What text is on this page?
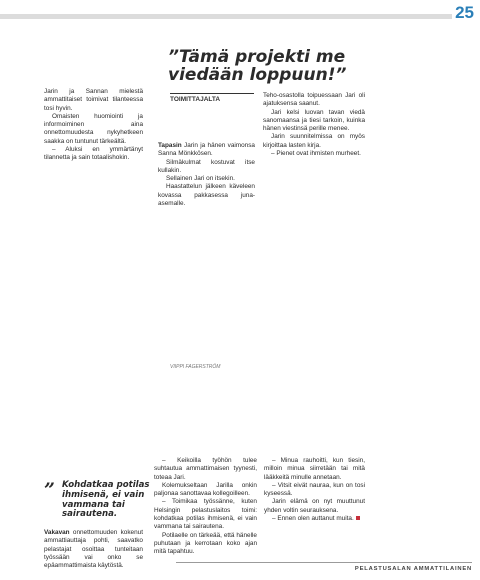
25

Jarin ja Sannan mielestä ammattitaiset toimivat tilanteessa tosi hyvin.

Omaisten huomiointi ja informoiminen aina onnettomuudesta nykyhetkeen saakka on tuntunut tärkeältä.

– Aluksi en ymmärtänyt tilannetta ja sain totaalishokin.

” Kohdatkaa potilas ihmisenä, ei vain vammana tai sairautena.

Vakavan onnettomuuden kokenut ammattiauttaja pohti, saavatko pelastajat osoittaa tunteitaan työssään vai onko se epäammattimaista käytöstä.

”Tämä projekti me viedään loppuun!”
TOIMITTAJALTA

Tapasin Jarin ja hänen vaimonsa Sanna Mönkkösen.

Silmäkulmat kostuvat itse kullakin.

Sellainen Jari on itsekin.

Haastattelun jälkeen käveleen kovassa pakkasessa juna-asemalle.

VIIPPI FAGERSTRÖM

Teho-osastolla toipuessaan Jari oli ajatuksensa saanut.

Jari kelsi luovan tavan viedä sanomaansa ja tiesi tarkoin, kuinka hänen viestinsä perille menee.

Jarin suunnitelmissa on myös kirjoittaa lasten kirja.

– Pienet ovat ihmisten murheet.

– Keikoilla työhön tulee suhtautua ammattimaisen tyynesti, toteaa Jari.

Kolemukseltaan Jarilla onkin paljonaa sanottavaa kollegoilleen.

– Toimikaa työssänne, kuten Helsingin pelastuslaitos toimi: kohdatkaa potilas ihmisenä, ei vain vammana tai sairautena.

Potilaelle on tärkeää, että hänelle puhutaan ja kerrotaan koko ajan mitä tapahtuu.

– Minua rauhoitti, kun tiesin, milloin minua siirretään tai mitä lääkkeitä minulle annetaan.

– Vitsit eivät nauraa, kun on tosi kyseessä.

Jarin elämä on nyt muuttunut yhden voltin seurauksena.

– Ennen olen auttanut muita.

PELASTUSALAN AMMATTILAINEN
